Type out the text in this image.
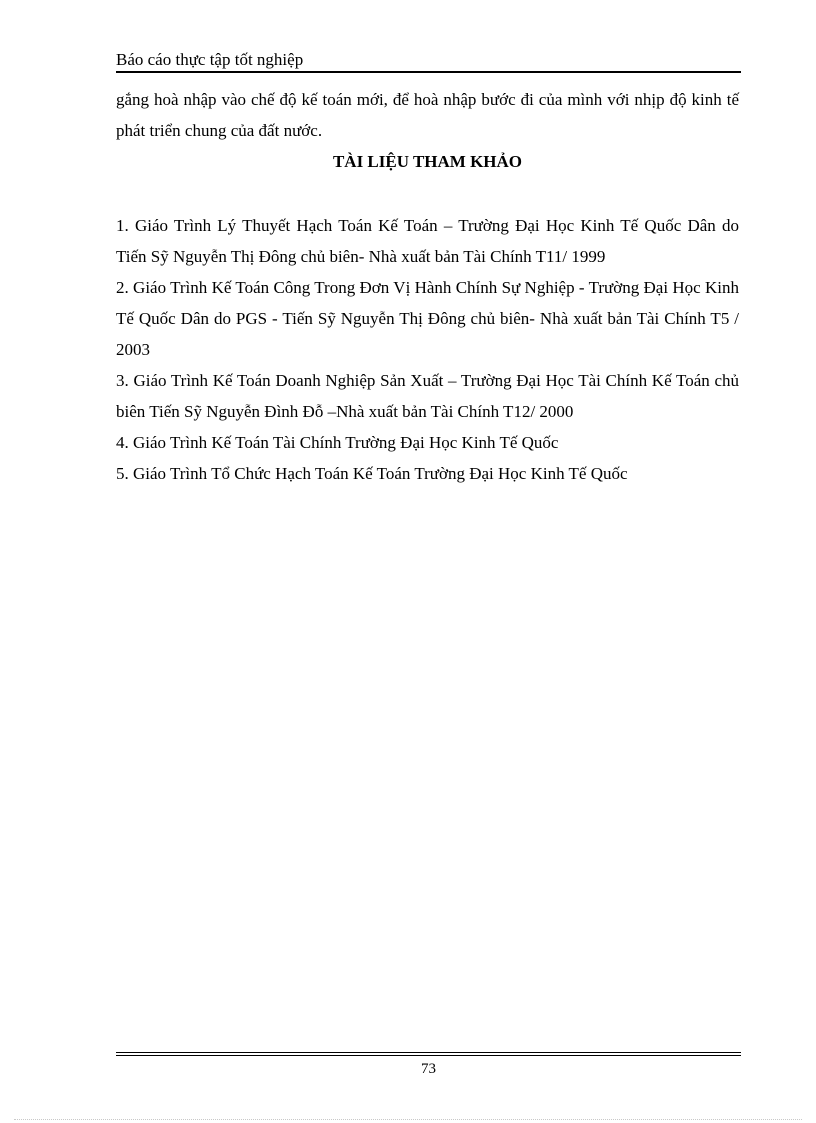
Báo cáo thực tập tốt nghiệp

gắng hoà nhập vào chế độ kế toán mới, để hoà nhập bước đi của mình với nhịp độ kinh tế phát triển chung của đất nước.

TÀI LIỆU THAM KHẢO

1. Giáo Trình Lý Thuyết Hạch Toán Kế Toán – Trường Đại Học Kinh Tế Quốc Dân do Tiến Sỹ Nguyễn Thị Đông chủ biên- Nhà xuất bản Tài Chính T11/ 1999

2. Giáo Trình Kế Toán Công Trong Đơn Vị Hành Chính Sự Nghiệp - Trường Đại Học Kinh Tế Quốc Dân do PGS - Tiến Sỹ Nguyễn Thị Đông chủ biên- Nhà xuất bản Tài Chính T5 / 2003

3. Giáo Trình Kế Toán Doanh Nghiệp Sản Xuất – Trường Đại Học Tài Chính Kế Toán chủ biên Tiến Sỹ Nguyễn Đình Đỗ –Nhà xuất bản Tài Chính T12/ 2000

4. Giáo Trình Kế Toán Tài Chính Trường Đại Học Kinh Tế Quốc

5. Giáo Trình Tổ Chức Hạch Toán Kế Toán Trường Đại Học Kinh Tế Quốc

73
